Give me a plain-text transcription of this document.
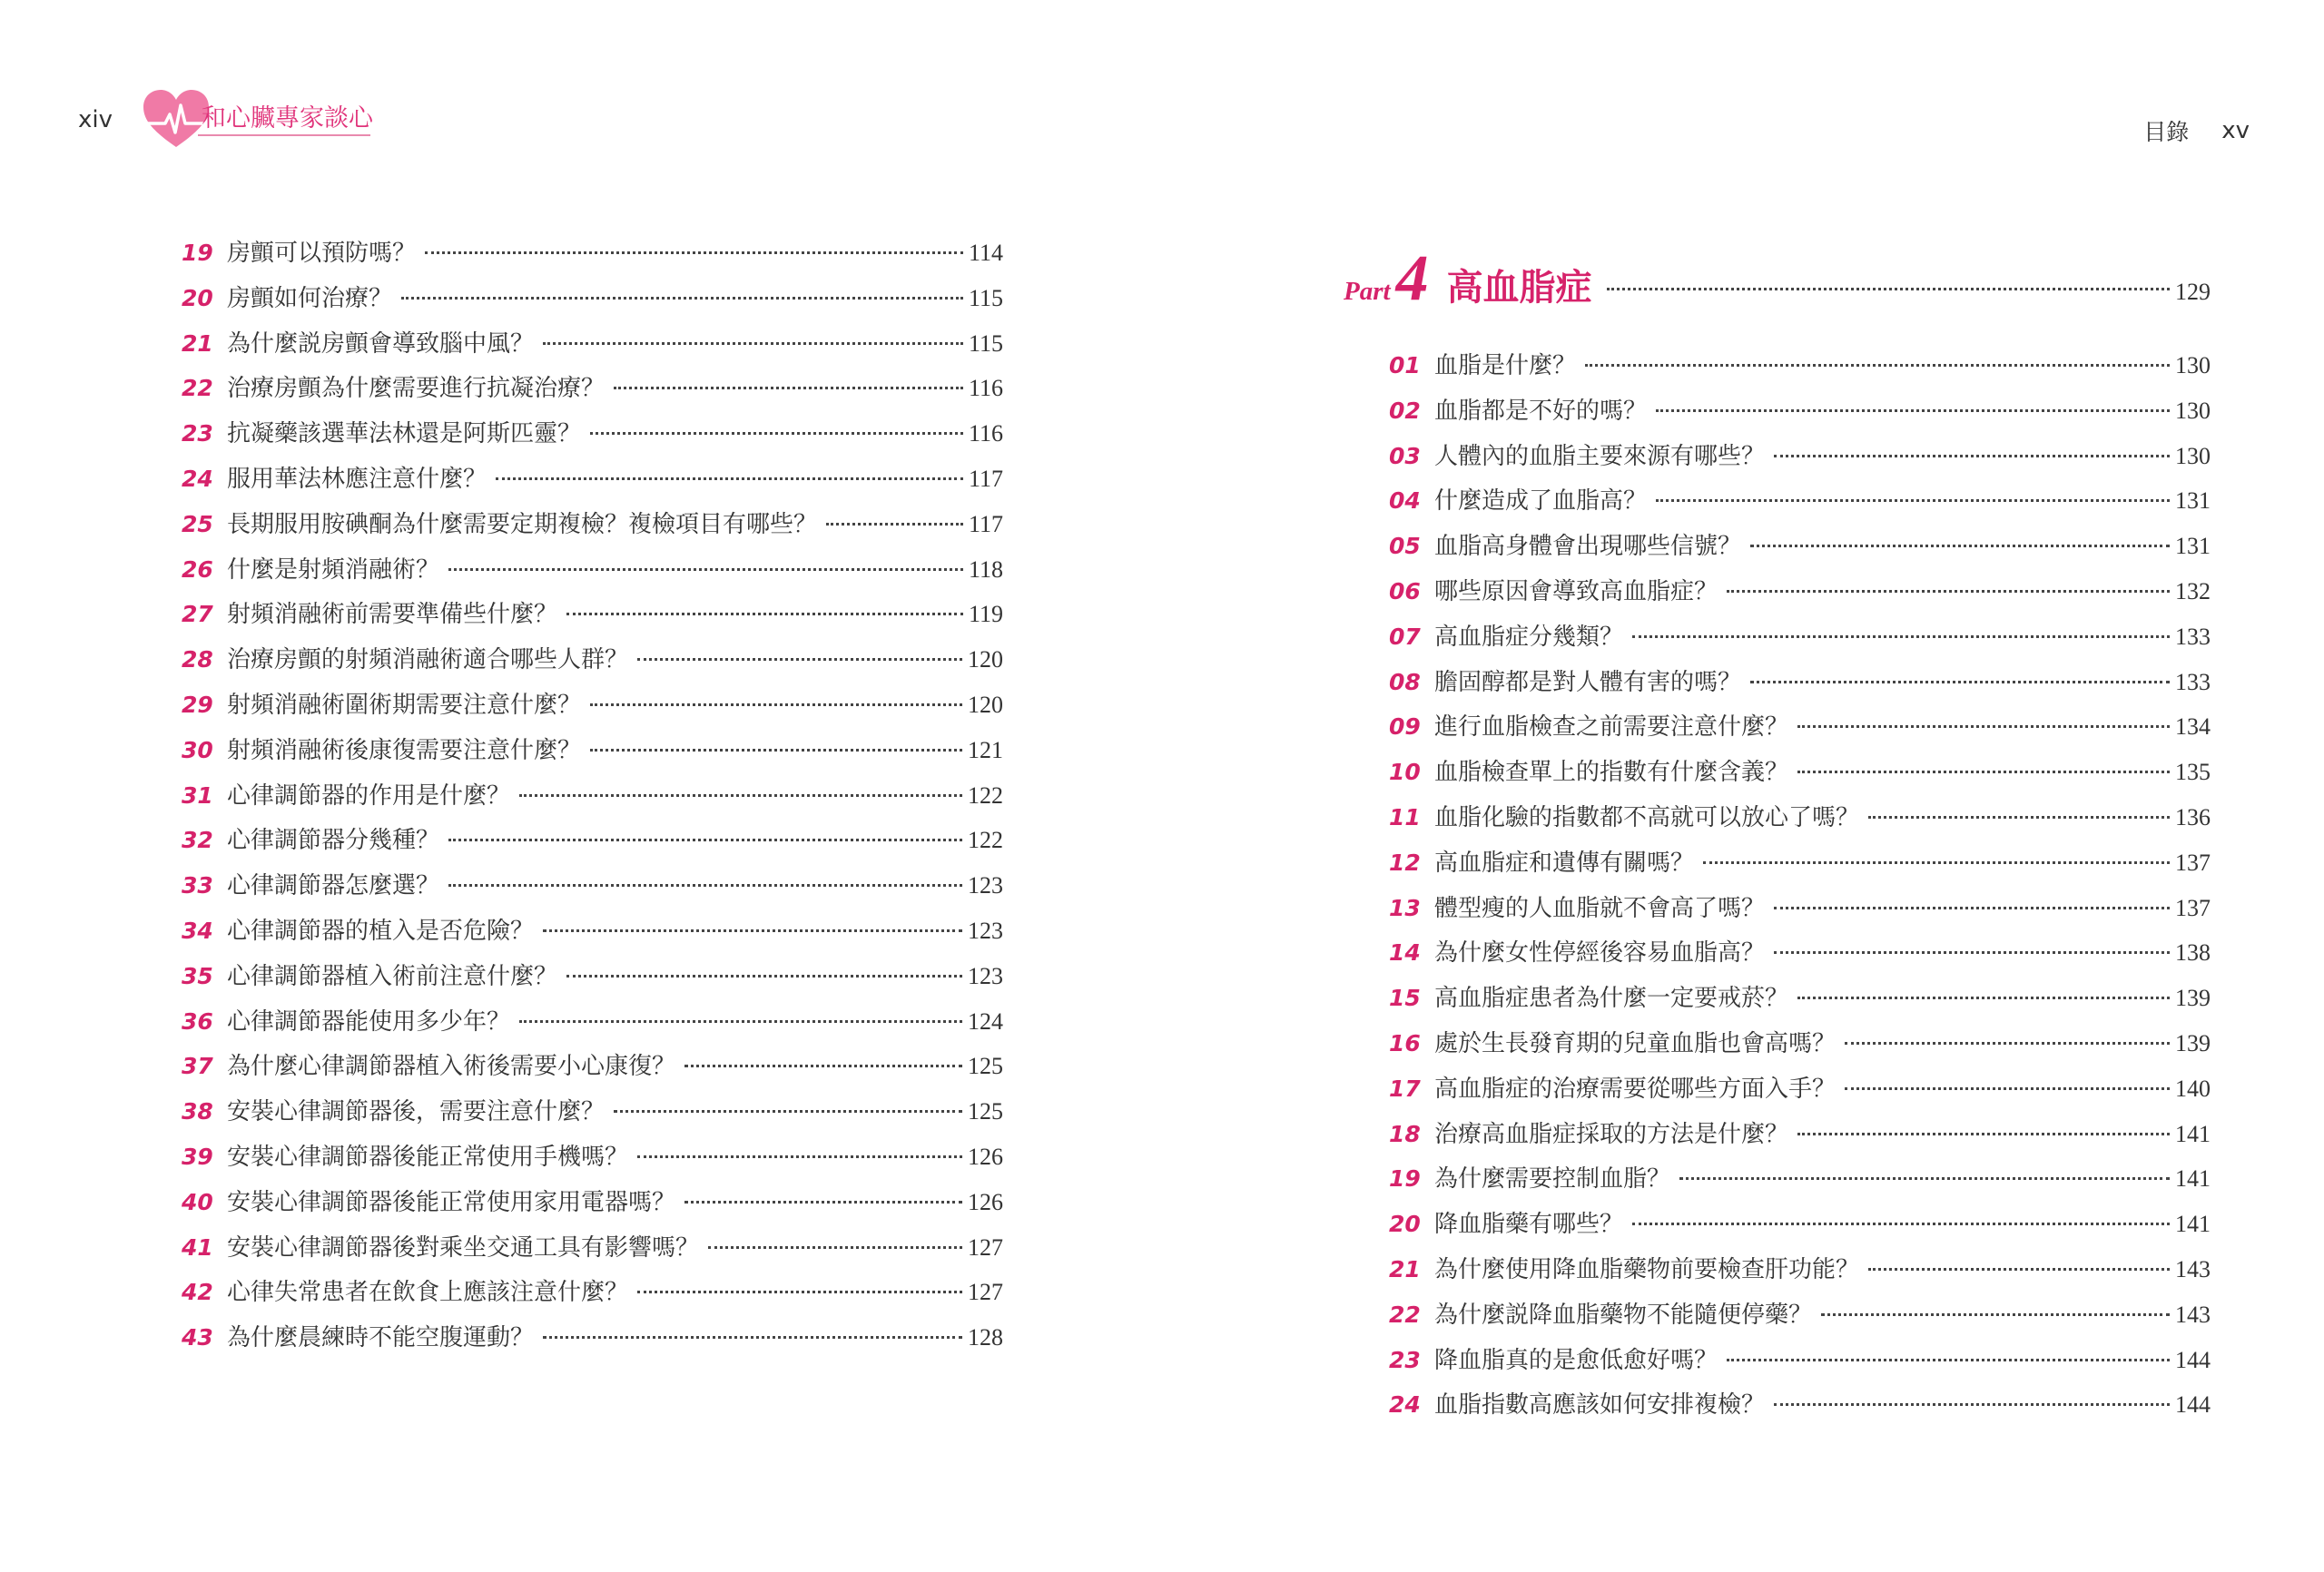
xiv	和心臟專家談心
19 房顫可以預防嗎？	114
20 房顫如何治療？	115
21 為什麼説房顫會導致腦中風？	115
22 治療房顫為什麼需要進行抗凝治療？	116
23 抗凝藥該選華法林還是阿斯匹靈？	116
24 服用華法林應注意什麼？	117
25 長期服用胺碘酮為什麼需要定期複檢？複檢項目有哪些？	117
26 什麼是射頻消融術？	118
27 射頻消融術前需要準備些什麼？	119
28 治療房顫的射頻消融術適合哪些人群？	120
29 射頻消融術圍術期需要注意什麼？	120
30 射頻消融術後康復需要注意什麼？	121
31 心律調節器的作用是什麼？	122
32 心律調節器分幾種？	122
33 心律調節器怎麼選？	123
34 心律調節器的植入是否危險？	123
35 心律調節器植入術前注意什麼？	123
36 心律調節器能使用多少年？	124
37 為什麼心律調節器植入術後需要小心康復？	125
38 安裝心律調節器後，需要注意什麼？	125
39 安裝心律調節器後能正常使用手機嗎？	126
40 安裝心律調節器後能正常使用家用電器嗎？	126
41 安裝心律調節器後對乘坐交通工具有影響嗎？	127
42 心律失常患者在飲食上應該注意什麼？	127
43 為什麼晨練時不能空腹運動？	128
目錄 xv
Part 4 高血脂症	129
01 血脂是什麼？	130
02 血脂都是不好的嗎？	130
03 人體內的血脂主要來源有哪些？	130
04 什麼造成了血脂高？	131
05 血脂高身體會出現哪些信號？	131
06 哪些原因會導致高血脂症？	132
07 高血脂症分幾類？	133
08 膽固醇都是對人體有害的嗎？	133
09 進行血脂檢查之前需要注意什麼？	134
10 血脂檢查單上的指數有什麼含義？	135
11 血脂化驗的指數都不高就可以放心了嗎？	136
12 高血脂症和遺傳有關嗎？	137
13 體型瘦的人血脂就不會高了嗎？	137
14 為什麼女性停經後容易血脂高？	138
15 高血脂症患者為什麼一定要戒菸？	139
16 處於生長發育期的兒童血脂也會高嗎？	139
17 高血脂症的治療需要從哪些方面入手？	140
18 治療高血脂症採取的方法是什麼？	141
19 為什麼需要控制血脂？	141
20 降血脂藥有哪些？	141
21 為什麼使用降血脂藥物前要檢查肝功能？	143
22 為什麼説降血脂藥物不能隨便停藥？	143
23 降血脂真的是愈低愈好嗎？	144
24 血脂指數高應該如何安排複檢？	144
